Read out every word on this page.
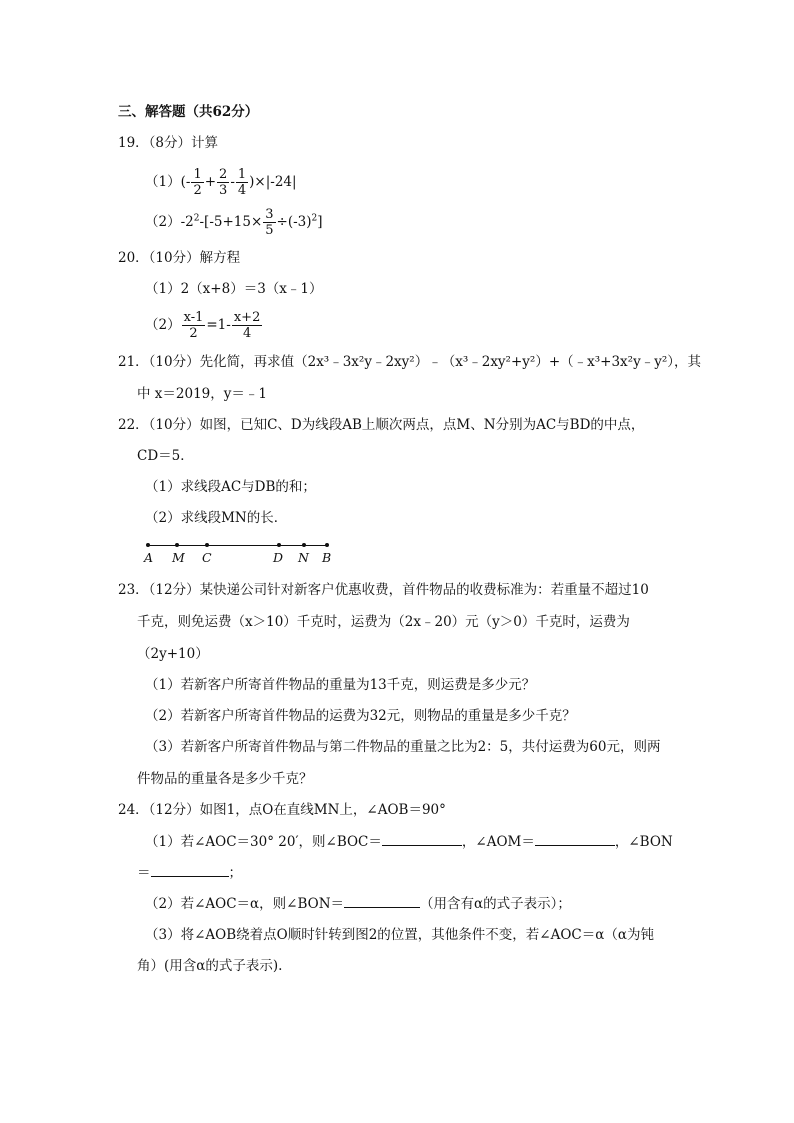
三、解答题（共62分）
19．（8分）计算
$(1)(- \frac{1}{2} + \frac{2}{3} - \frac{1}{4} )\times|-24|$
$(2)-2^2-[-5+15\times \frac{3}{5} \div(-3)^2]$
20．（10分）解方程
（1）2（x+8）＝3（x﹣1）
$(2) \frac{x-1}{2} =1- \frac{x+2}{4}$
21．（10分）先化简，再求值（2x³﹣3x²y﹣2xy²）﹣（x³﹣2xy²+y²）+（﹣x³+3x²y﹣y²），其
中 x＝2019，y＝﹣1
22．（10分）如图，已知C、D为线段AB上顺次两点，点M、N分别为AC与BD的中点，
CD＝5．
（1）求线段AC与DB的和；
（2）求线段MN的长．
A M C	D N B
23．（12分）某快递公司针对新客户优惠收费，首件物品的收费标准为：若重量不超过10
千克，则免运费（x＞10）千克时，运费为（2x﹣20）元（y＞0）千克时，运费为
（2y+10）
（1）若新客户所寄首件物品的重量为13千克，则运费是多少元？
（2）若新客户所寄首件物品的运费为32元，则物品的重量是多少千克？
（3）若新客户所寄首件物品与第二件物品的重量之比为2：5，共付运费为60元，则两
件物品的重量各是多少千克？
24．（12分）如图1，点O在直线MN上，∠AOB＝90°
（1）若∠AOC＝30° 20′，则∠BOC＝	，∠AOM＝	，∠BON
＝	；
（2）若∠AOC＝α，则∠BON＝	（用含有α的式子表示）；
（3）将∠AOB绕着点O顺时针转到图2的位置，其他条件不变，若∠AOC＝α（α为钝
角）(用含α的式子表示).
